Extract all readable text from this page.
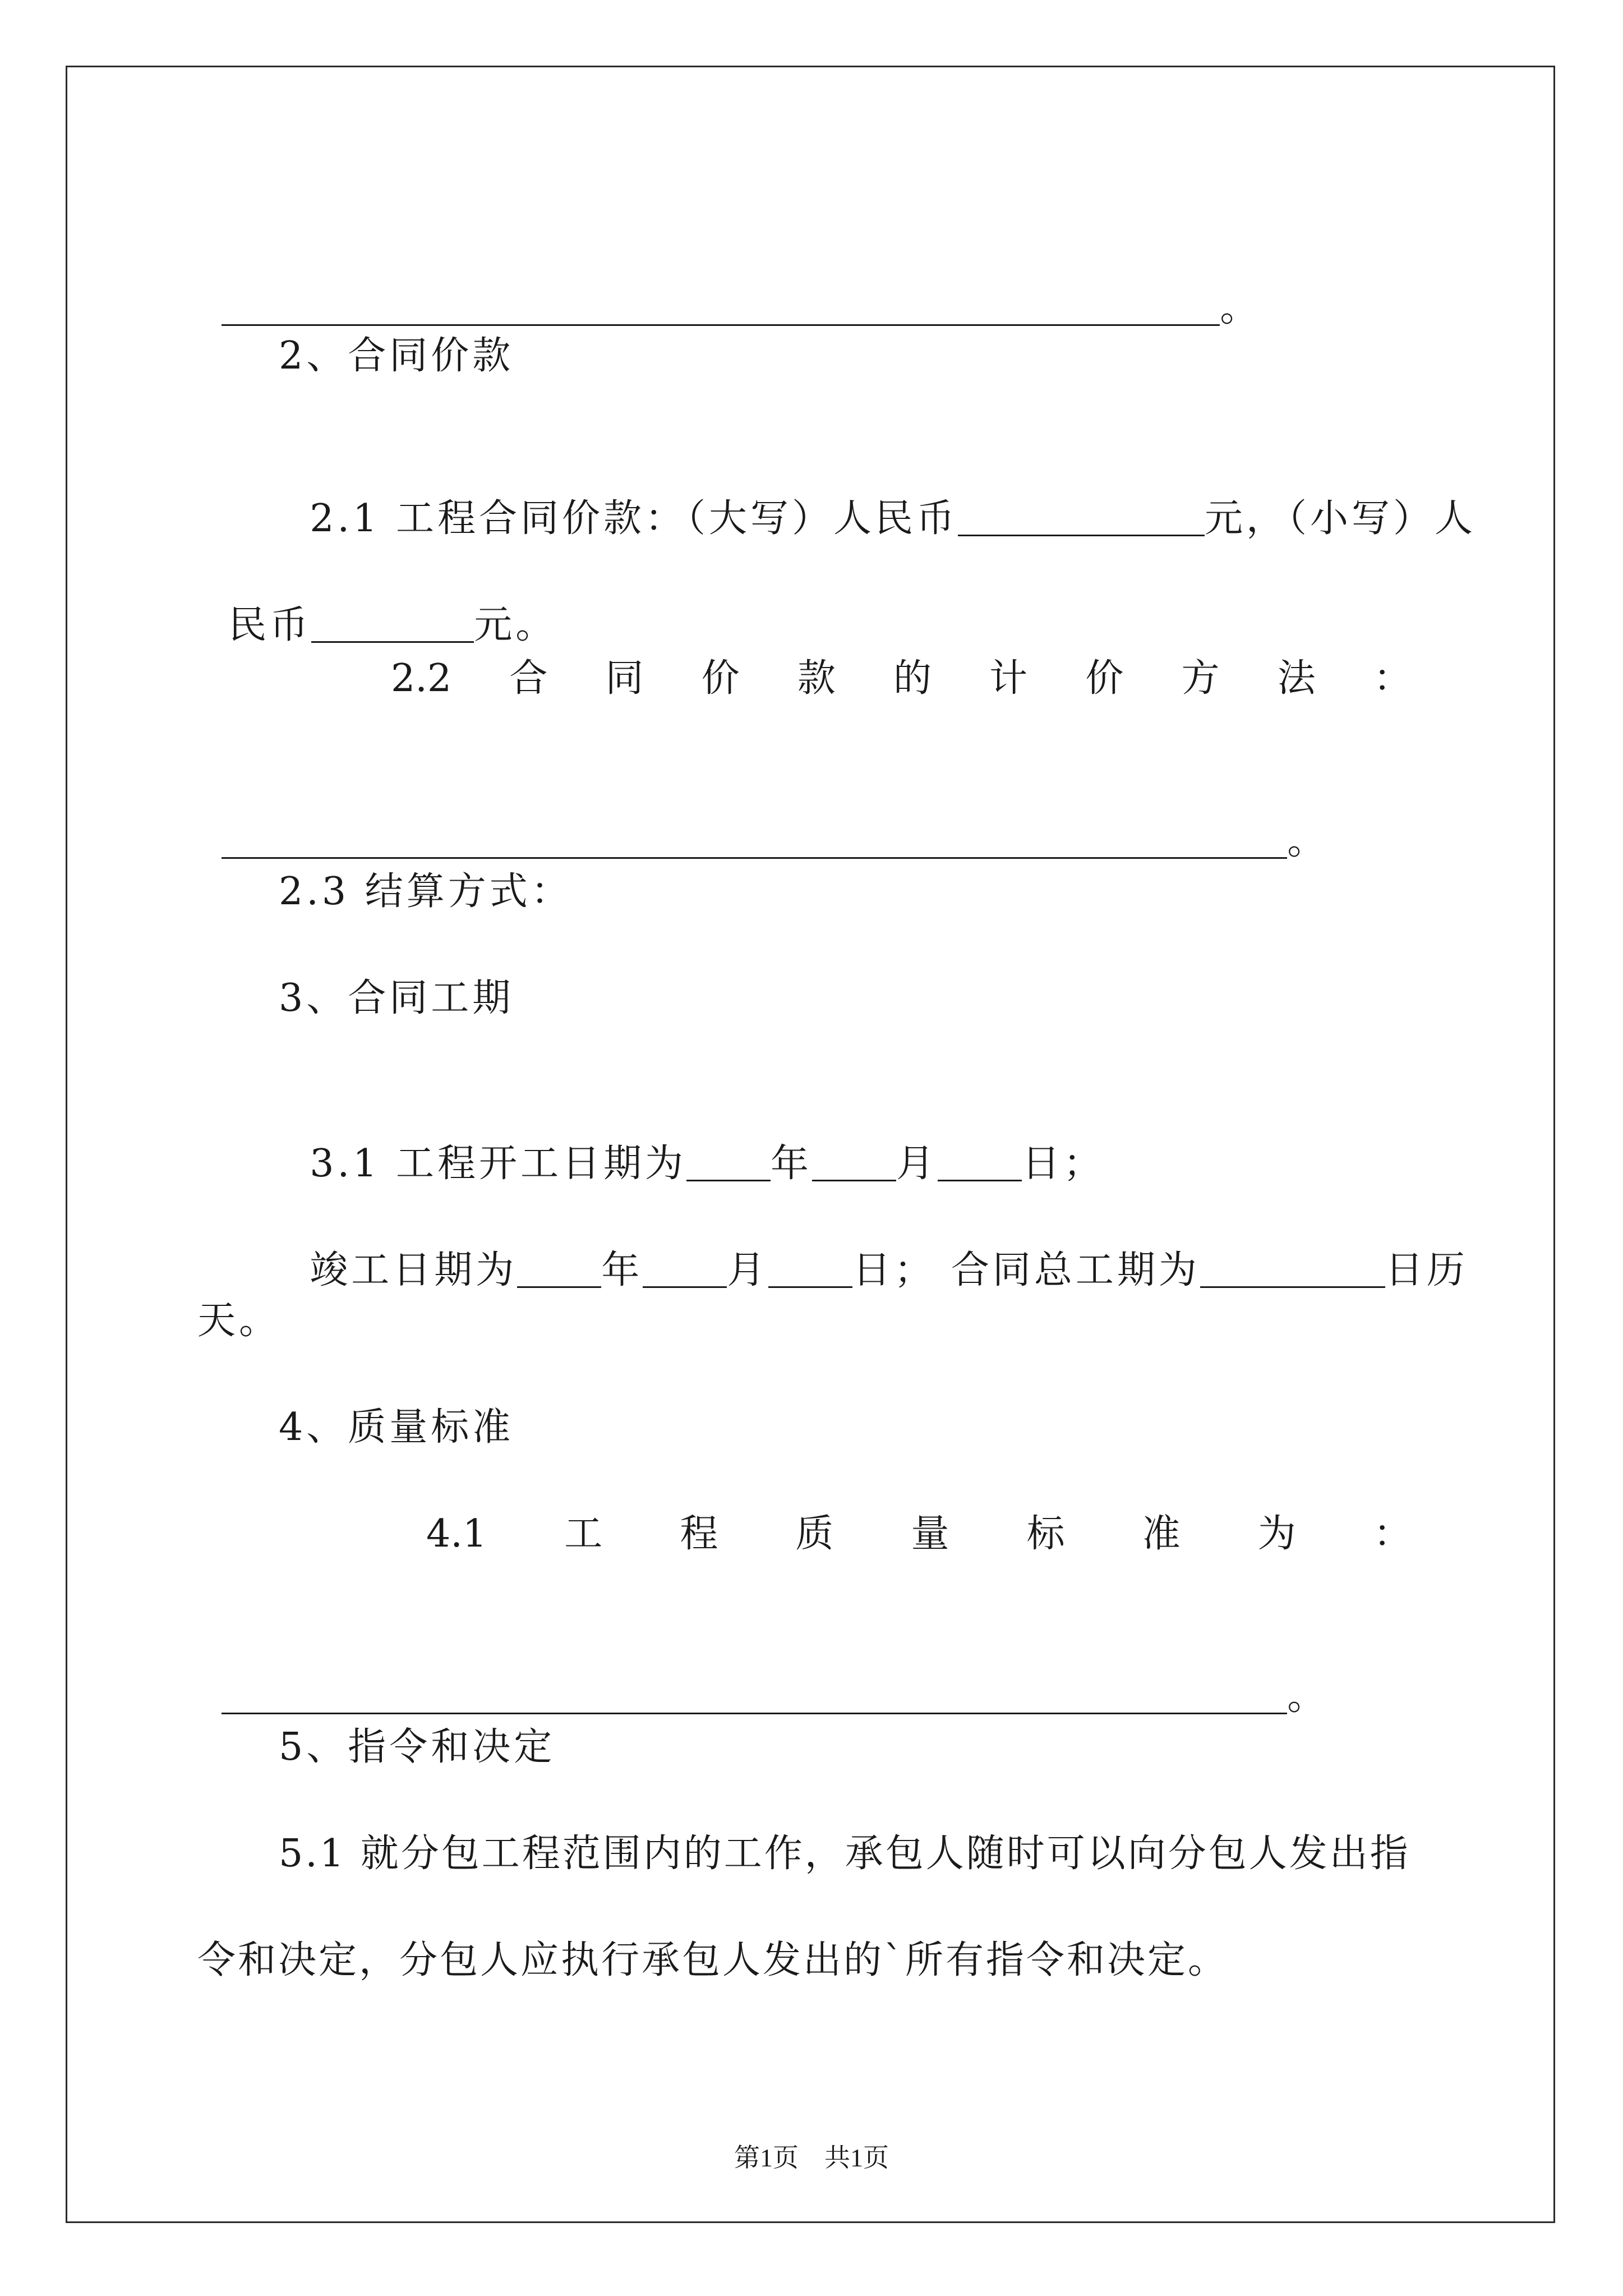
。

2、合同价款

2.1 工程合同价款：（大写）人民币	元，（小写）人

民币	元。

2.2 合 同 价 款 的 计 价 方 法 ：

。

2.3 结算方式：
3、合同工期

3.1 工程开工日期为 年 月 日；

竣工日期为 年 月 日； 合同总工期为	日历

天。
4、质量标准
4.1 工 程 质 量 标 准 为 ：

。

5、指令和决定
5.1 就分包工程范围内的工作，承包人随时可以向分包人发出指
令和决定，分包人应执行承包人发出的`所有指令和决定。
第1页　共1页
